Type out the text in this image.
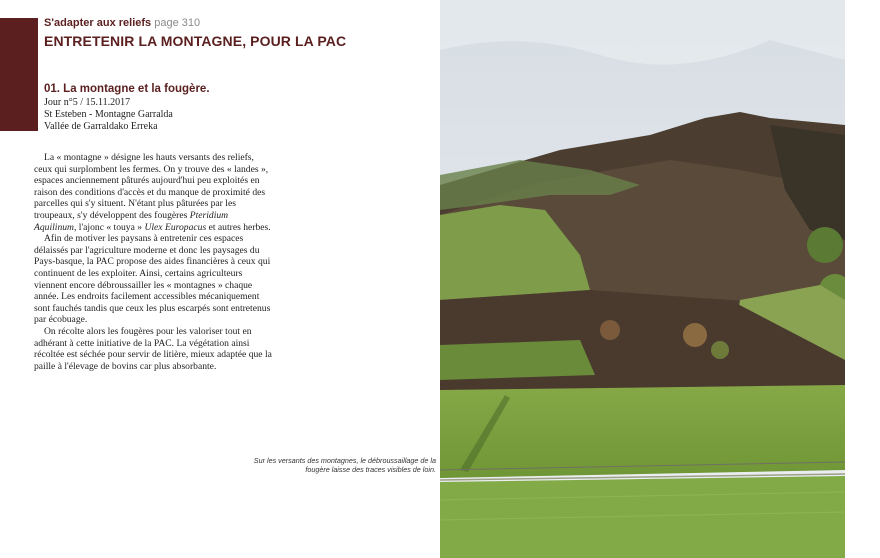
S'adapter aux reliefs page 310
ENTRETENIR LA MONTAGNE, POUR LA PAC
01. La montagne et la fougère.
Jour n°5 / 15.11.2017
St Esteben - Montagne Garralda
Vallée de Garraldako Erreka

La « montagne » désigne les hauts versants des reliefs, ceux qui surplombent les fermes. On y trouve des « landes », espaces anciennement pâturés aujourd'hui peu exploités en raison des conditions d'accès et du manque de proximité des parcelles qui s'y situent. N'étant plus pâturées par les troupeaux, s'y développent des fougères Pteridium Aquilinum, l'ajonc « touya » Ulex Europacus et autres herbes.

Afin de motiver les paysans à entretenir ces espaces délaissés par l'agriculture moderne et donc les paysages du Pays-basque, la PAC propose des aides financières à ceux qui continuent de les exploiter. Ainsi, certains agriculteurs viennent encore débroussailler les « montagnes » chaque année. Les endroits facilement accessibles mécaniquement sont fauchés tandis que ceux les plus escarpés sont entretenus par écobuage.

On récolte alors les fougères pour les valoriser tout en adhérant à cette initiative de la PAC. La végétation ainsi récoltée est séchée pour servir de litière, mieux adaptée que la paille à l'élevage de bovins car plus absorbante.

Sur les versants des montagnes, le débroussaillage de la fougère laisse des traces visibles de loin.
